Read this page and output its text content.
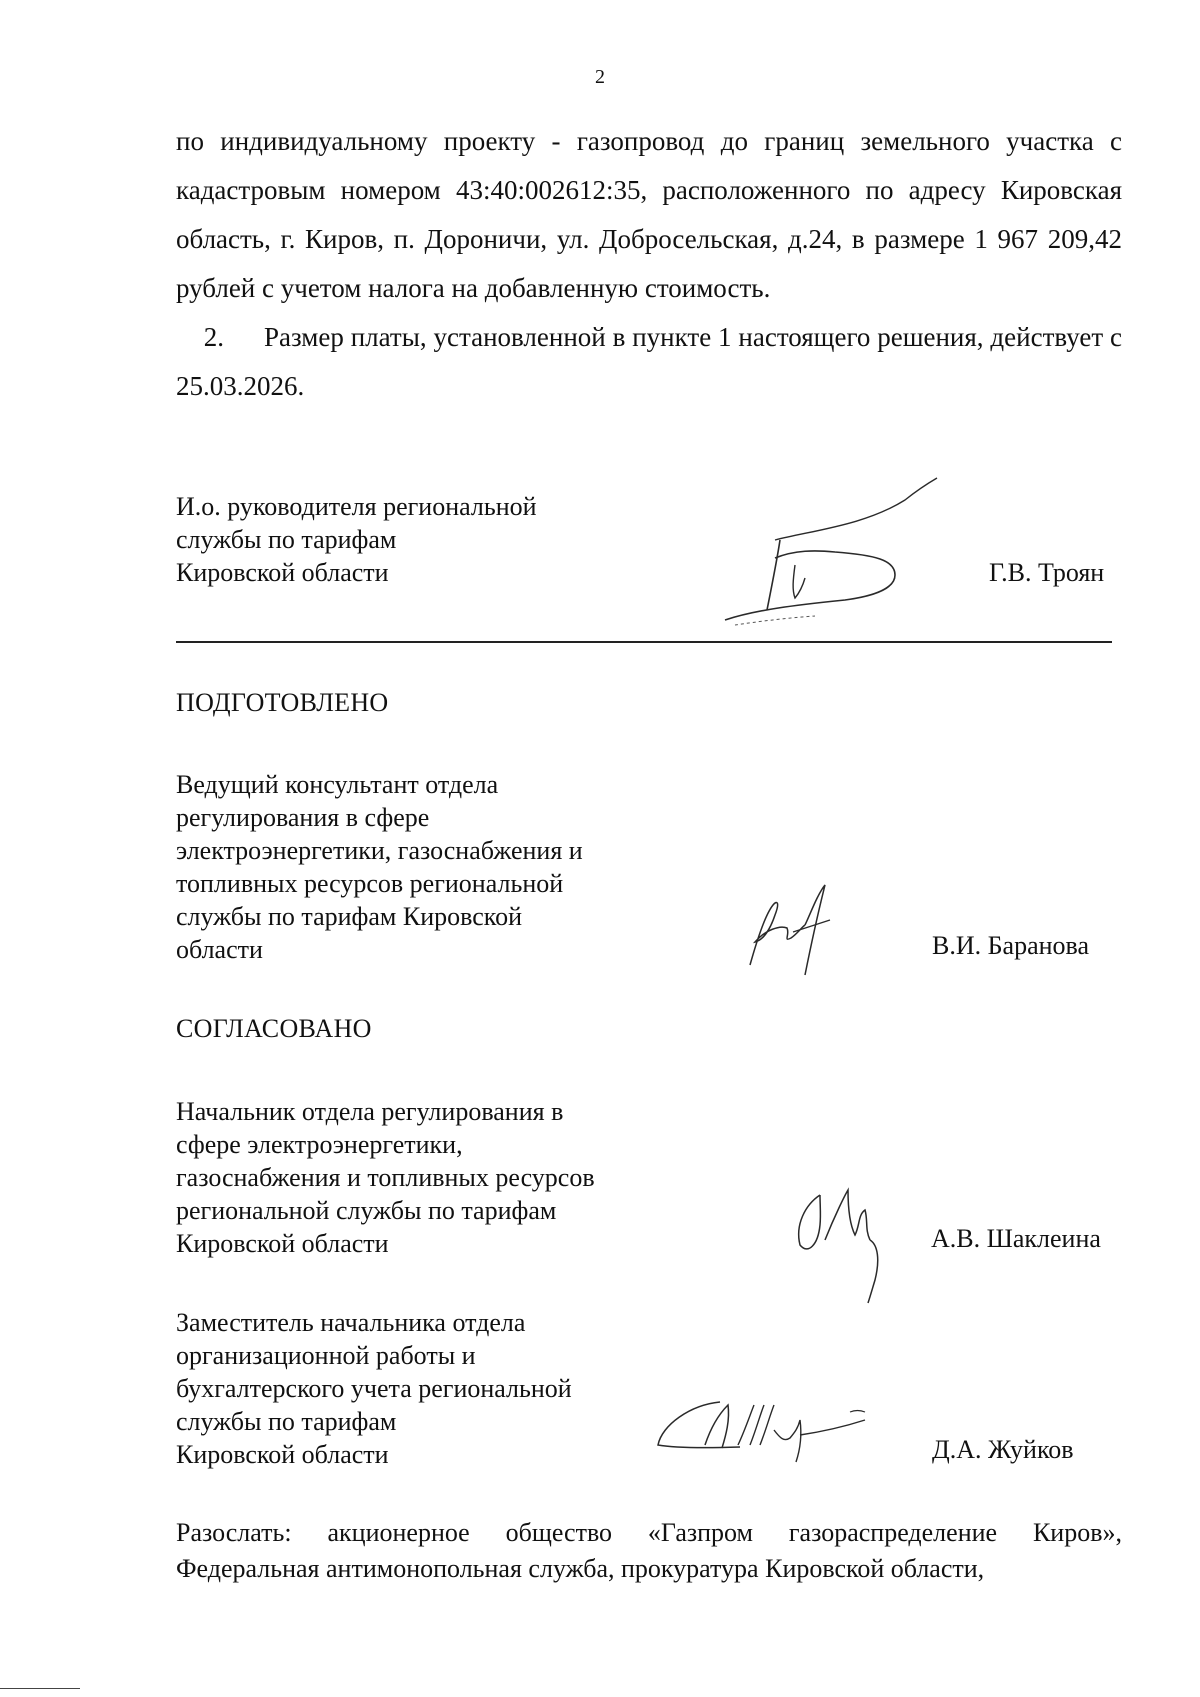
2
по индивидуальному проекту - газопровод до границ земельного участка с кадастровым номером 43:40:002612:35, расположенного по адресу Кировская область, г. Киров, п. Дороничи, ул. Добросельская, д.24, в размере 1 967 209,42 рублей с учетом налога на добавленную стоимость.
2. Размер платы, установленной в пункте 1 настоящего решения, действует с 25.03.2026.
И.о. руководителя региональной
службы по тарифам
Кировской области	Г.В. Троян
ПОДГОТОВЛЕНО
Ведущий консультант отдела
регулирования в сфере
электроэнергетики, газоснабжения и
топливных ресурсов региональной
службы по тарифам Кировской
области	В.И. Баранова
СОГЛАСОВАНО
Начальник отдела регулирования в
сфере электроэнергетики,
газоснабжения и топливных ресурсов
региональной службы по тарифам
Кировской области	А.В. Шаклеина
Заместитель начальника отдела
организационной работы и
бухгалтерского учета региональной
службы по тарифам
Кировской области	Д.А. Жуйков
Разослать: акционерное общество «Газпром газораспределение Киров», Федеральная антимонопольная служба, прокуратура Кировской области,
